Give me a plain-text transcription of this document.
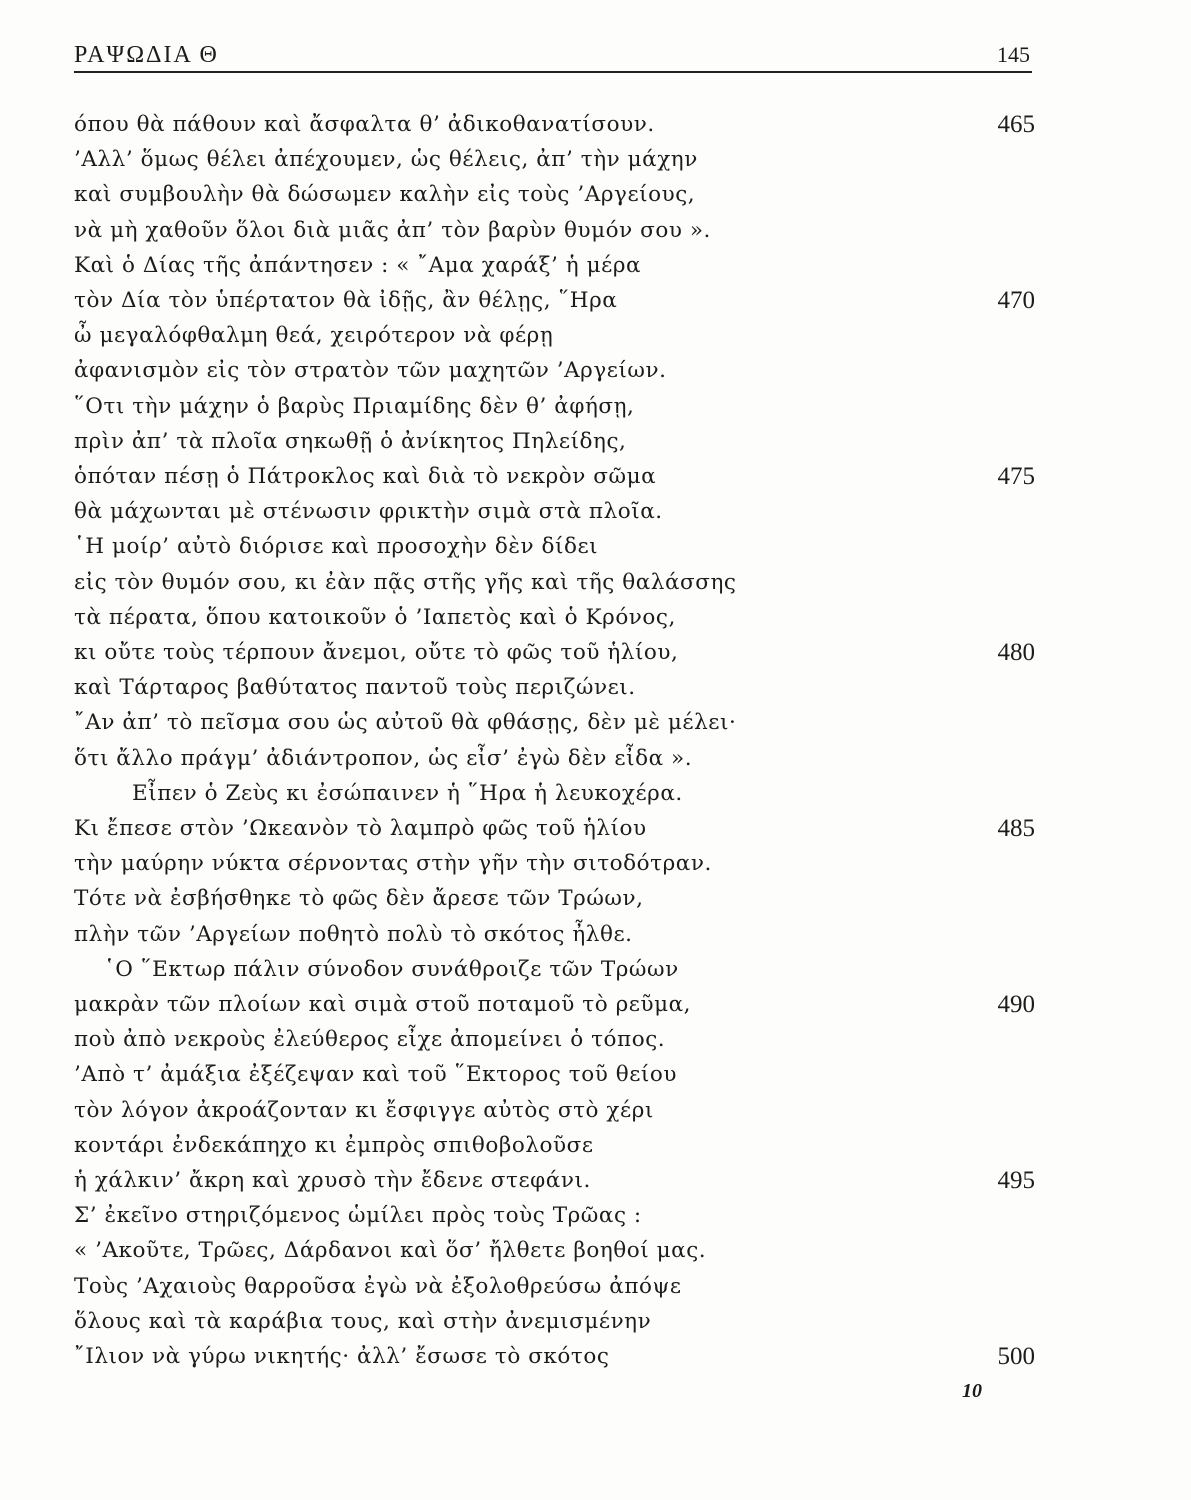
ΡΑΨΩΔΙΑ Θ	145
όπου θὰ πάθουν καὶ ἄσφαλτα θ’ ἀδικοθανατίσουν.	465
’Αλλ’ ὅμως θέλει ἀπέχουμεν, ὡς θέλεις, ἀπ’ τὴν μάχην
καὶ συμβουλὴν θὰ δώσωμεν καλὴν εἰς τοὺς ’Αργείους,
νὰ μὴ χαθοῦν ὅλοι διὰ μιᾶς ἀπ’ τὸν βαρὺν θυμόν σου ».
Καὶ ὁ Δίας τῆς ἀπάντησεν : « ῎Αμα χαράξ’ ἡ μέρα
τὸν Δία τὸν ὑπέρτατον θὰ ἰδῇς, ἂν θέλῃς, ῞Ηρα	470
ὦ μεγαλόφθαλμη θεά, χειρότερον νὰ φέρῃ
ἀφανισμὸν εἰς τὸν στρατὸν τῶν μαχητῶν ’Αργείων.
῞Οτι τὴν μάχην ὁ βαρὺς Πριαμίδης δὲν θ’ ἀφήσῃ,
πρὶν ἀπ’ τὰ πλοῖα σηκωθῇ ὁ ἀνίκητος Πηλείδης,
ὁπόταν πέσῃ ὁ Πάτροκλος καὶ διὰ τὸ νεκρὸν σῶμα	475
θὰ μάχωνται μὲ στένωσιν φρικτὴν σιμὰ στὰ πλοῖα.
῾Η μοίρ’ αὐτὸ διόρισε καὶ προσοχὴν δὲν δίδει
εἰς τὸν θυμόν σου, κι ἐὰν πᾷς στῆς γῆς καὶ τῆς θαλάσσης
τὰ πέρατα, ὅπου κατοικοῦν ὁ ’Ιαπετὸς καὶ ὁ Κρόνος,
κι οὔτε τοὺς τέρπουν ἄνεμοι, οὔτε τὸ φῶς τοῦ ἡλίου,	480
καὶ Τάρταρος βαθύτατος παντοῦ τοὺς περιζώνει.
῎Αν ἀπ’ τὸ πεῖσμα σου ὡς αὐτοῦ θὰ φθάσῃς, δὲν μὲ μέλει·
ὅτι ἄλλο πράγμ’ ἀδιάντροπον, ὡς εἶσ’ ἐγὼ δὲν εἶδα ».
Εἶπεν ὁ Ζεὺς κι ἐσώπαινεν ἡ ῞Ηρα ἡ λευκοχέρα.
Κι ἔπεσε στὸν ’Ωκεανὸν τὸ λαμπρὸ φῶς τοῦ ἡλίου	485
τὴν μαύρην νύκτα σέρνοντας στὴν γῆν τὴν σιτοδότραν.
Τότε νὰ ἐσβήσθηκε τὸ φῶς δὲν ἄρεσε τῶν Τρώων,
πλὴν τῶν ’Αργείων ποθητὸ πολὺ τὸ σκότος ἦλθε.
῾Ο ῞Εκτωρ πάλιν σύνοδον συνάθροιζε τῶν Τρώων
μακρὰν τῶν πλοίων καὶ σιμὰ στοῦ ποταμοῦ τὸ ρεῦμα,	490
ποὺ ἀπὸ νεκροὺς ἐλεύθερος εἶχε ἀπομείνει ὁ τόπος.
’Απὸ τ’ ἀμάξια ἐξέζεψαν καὶ τοῦ ῞Εκτορος τοῦ θείου
τὸν λόγον ἀκροάζονταν κι ἔσφιγγε αὐτὸς στὸ χέρι
κοντάρι ἐνδεκάπηχο κι ἐμπρὸς σπιθοβολοῦσε
ἡ χάλκιν’ ἄκρη καὶ χρυσὸ τὴν ἔδενε στεφάνι.	495
Σ’ ἐκεῖνο στηριζόμενος ὡμίλει πρὸς τοὺς Τρῶας :
« ’Ακοῦτε, Τρῶες, Δάρδανοι καὶ ὅσ’ ἤλθετε βοηθοί μας.
Τοὺς ’Αχαιοὺς θαρροῦσα ἐγὼ νὰ ἐξολοθρεύσω ἀπόψε
ὅλους καὶ τὰ καράβια τους, καὶ στὴν ἀνεμισμένην
῎Ιλιον νὰ γύρω νικητής· ἀλλ’ ἔσωσε τὸ σκότος	500
10
